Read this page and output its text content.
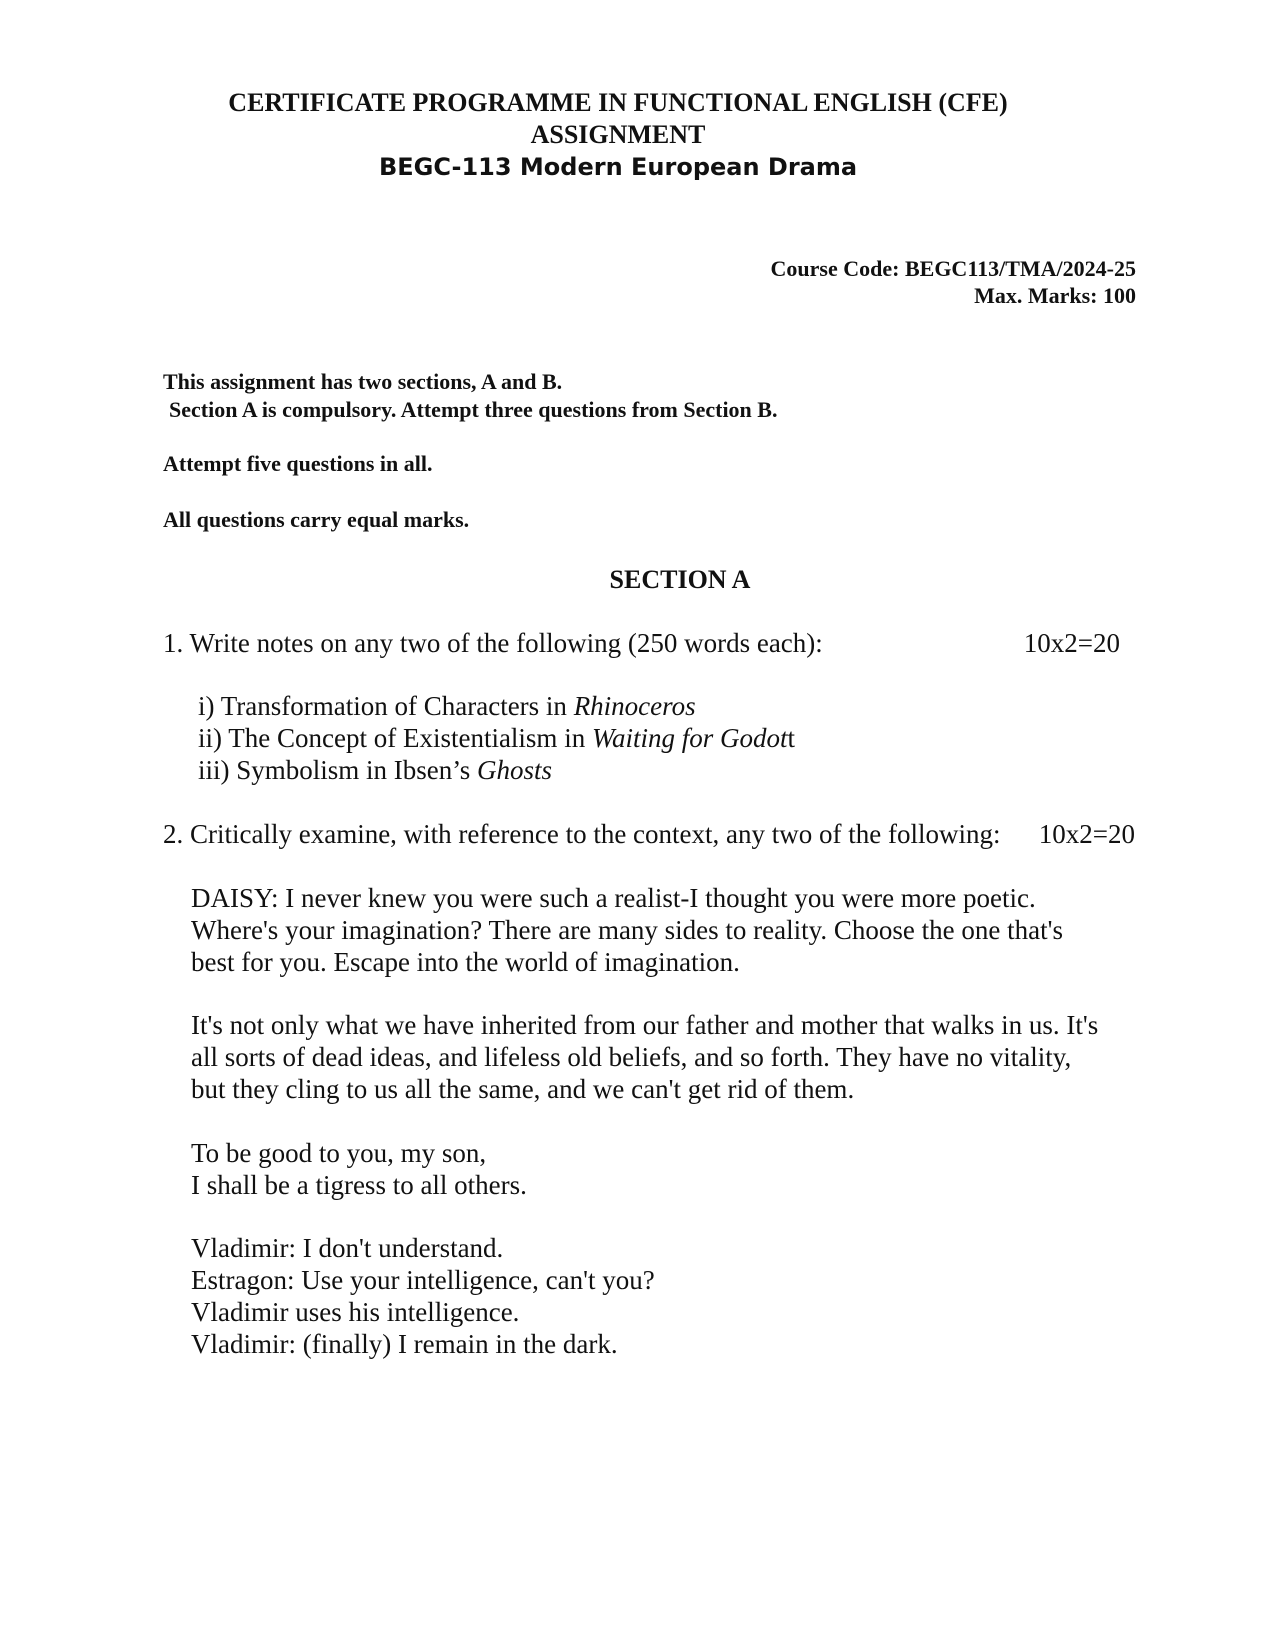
CERTIFICATE PROGRAMME IN FUNCTIONAL ENGLISH (CFE)
ASSIGNMENT
BEGC-113 Modern European Drama
Course Code: BEGC113/TMA/2024-25
Max. Marks: 100
This assignment has two sections, A and B.
Section A is compulsory. Attempt three questions from Section B.
Attempt five questions in all.
All questions carry equal marks.
SECTION A
1. Write notes on any two of the following (250 words each):	10x2=20
i) Transformation of Characters in Rhinoceros
ii) The Concept of Existentialism in Waiting for Godott
iii) Symbolism in Ibsen’s Ghosts
2. Critically examine, with reference to the context, any two of the following: 10x2=20
DAISY: I never knew you were such a realist-I thought you were more poetic.
Where's your imagination? There are many sides to reality. Choose the one that's
best for you. Escape into the world of imagination.
It's not only what we have inherited from our father and mother that walks in us. It's
all sorts of dead ideas, and lifeless old beliefs, and so forth. They have no vitality,
but they cling to us all the same, and we can't get rid of them.
To be good to you, my son,
I shall be a tigress to all others.
Vladimir: I don't understand.
Estragon: Use your intelligence, can't you?
Vladimir uses his intelligence.
Vladimir: (finally) I remain in the dark.
